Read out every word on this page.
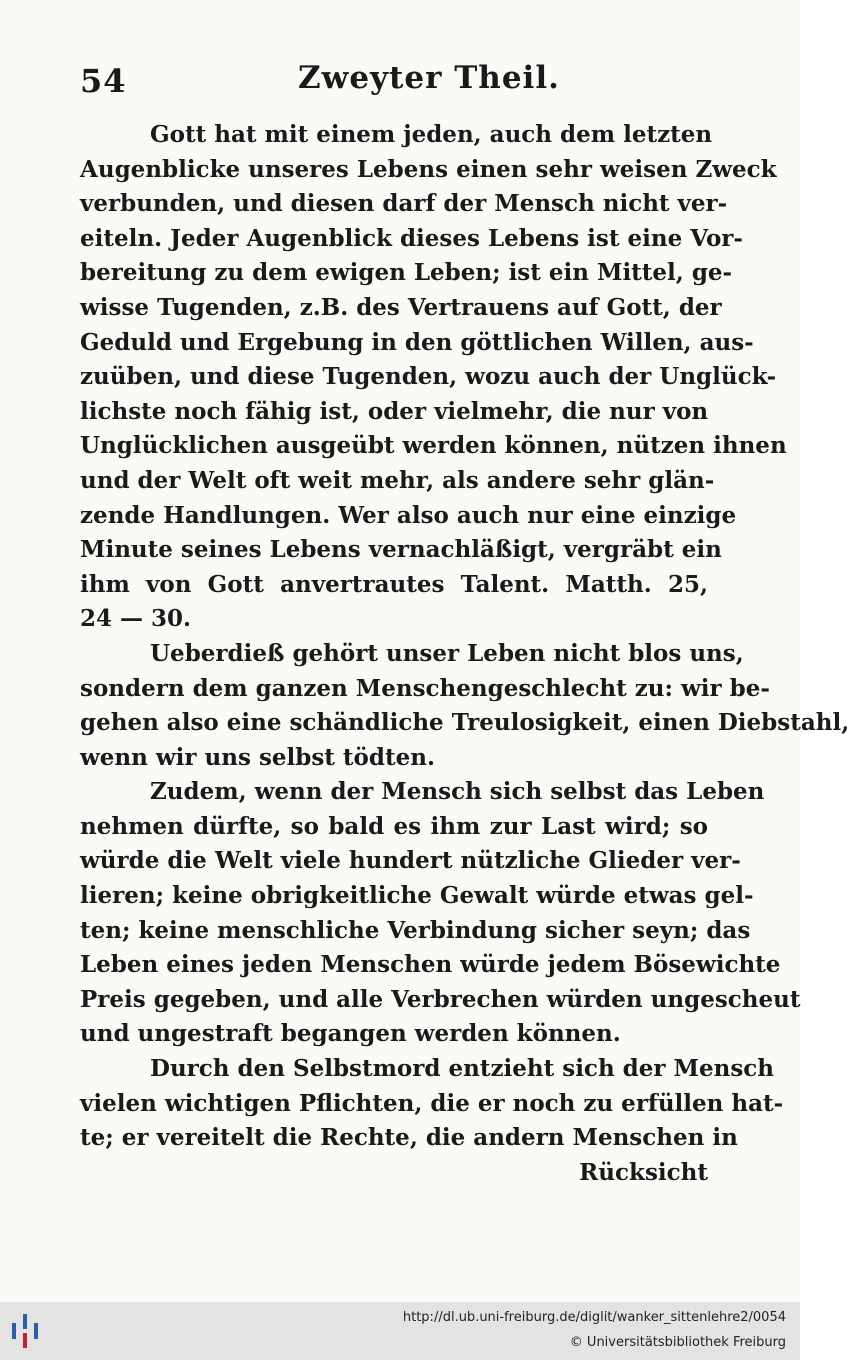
54	Zweyter Theil.
Gott hat mit einem jeden, auch dem letzten
Augenblicke unseres Lebens einen sehr weisen Zweck
verbunden, und diesen darf der Mensch nicht ver-
eiteln. Jeder Augenblick dieses Lebens ist eine Vor-
bereitung zu dem ewigen Leben; ist ein Mittel, ge-
wisse Tugenden, z.B. des Vertrauens auf Gott, der
Geduld und Ergebung in den göttlichen Willen, aus-
zuüben, und diese Tugenden, wozu auch der Unglück-
lichste noch fähig ist, oder vielmehr, die nur von
Unglücklichen ausgeübt werden können, nützen ihnen
und der Welt oft weit mehr, als andere sehr glän-
zende Handlungen. Wer also auch nur eine einzige
Minute seines Lebens vernachläßigt, vergräbt ein
ihm von Gott anvertrautes Talent. Matth. 25,
24 — 30.
Ueberdieß gehört unser Leben nicht blos uns,
sondern dem ganzen Menschengeschlecht zu: wir be-
gehen also eine schändliche Treulosigkeit, einen Diebstahl,
wenn wir uns selbst tödten.
Zudem, wenn der Mensch sich selbst das Leben
nehmen dürfte, so bald es ihm zur Last wird; so
würde die Welt viele hundert nützliche Glieder ver-
lieren; keine obrigkeitliche Gewalt würde etwas gel-
ten; keine menschliche Verbindung sicher seyn; das
Leben eines jeden Menschen würde jedem Bösewichte
Preis gegeben, und alle Verbrechen würden ungescheut
und ungestraft begangen werden können.
Durch den Selbstmord entzieht sich der Mensch
vielen wichtigen Pflichten, die er noch zu erfüllen hat-
te; er vereitelt die Rechte, die andern Menschen in
Rücksicht
http://dl.ub.uni-freiburg.de/diglit/wanker_sittenlehre2/0054
© Universitätsbibliothek Freiburg
